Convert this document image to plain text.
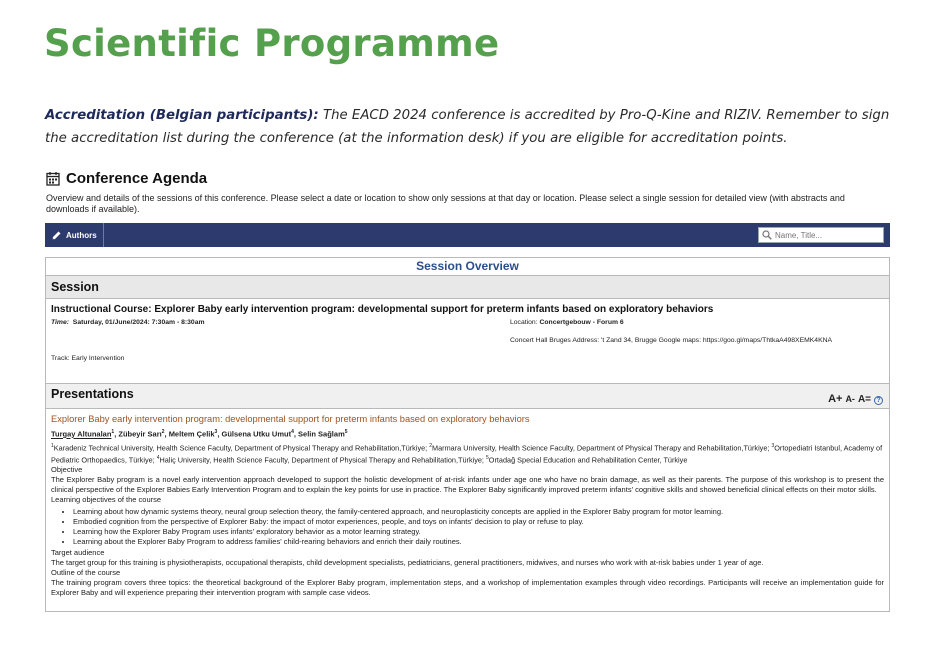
Scientific Programme
Accreditation (Belgian participants): The EACD 2024 conference is accredited by Pro-Q-Kine and RIZIV. Remember to sign the accreditation list during the conference (at the information desk) if you are eligible for accreditation points.
Conference Agenda
Overview and details of the sessions of this conference. Please select a date or location to show only sessions at that day or location. Please select a single session for detailed view (with abstracts and downloads if available).
Authors
Name, Title...
Session Overview
Session
Instructional Course: Explorer Baby early intervention program: developmental support for preterm infants based on exploratory behaviors
Time: Saturday, 01/June/2024: 7:30am - 8:30am	Location: Concertgebouw - Forum 6
Concert Hall Bruges Address: 't Zand 34, Brugge Google maps: https://goo.gl/maps/ThtkaA498XEMK4KNA
Track: Early Intervention
Presentations	A+ A- A= ?
Explorer Baby early intervention program: developmental support for preterm infants based on exploratory behaviors
Turgay Altunalan$^1$, Zübeyir Sarı$^2$, Meltem Çelik$^3$, Gülsena Utku Umut$^4$, Selin Sağlam$^5$
$^1$Karadeniz Technical University, Health Science Faculty, Department of Physical Therapy and Rehabilitation,Türkiye; $^2$Marmara University, Health Science Faculty, Department of Physical Therapy and Rehabilitation,Türkiye; $^3$Ortopediatri Istanbul, Academy of Pediatric Orthopaedics, Türkiye; $^4$Haliç University, Health Science Faculty, Department of Physical Therapy and Rehabilitation,Türkiye; $^5$Ortadağ Special Education and Rehabilitation Center, Türkiye
Objective
The Explorer Baby program is a novel early intervention approach developed to support the holistic development of at-risk infants under age one who have no brain damage, as well as their parents. The purpose of this workshop is to present the clinical perspective of the Explorer Babies Early Intervention Program and to explain the key points for use in practice. The Explorer Baby significantly improved preterm infants' cognitive skills and showed beneficial clinical effects on their motor skills.
Learning objectives of the course
• Learning about how dynamic systems theory, neural group selection theory, the family-centered approach, and neuroplasticity concepts are applied in the Explorer Baby program for motor learning.
• Embodied cognition from the perspective of Explorer Baby: the impact of motor experiences, people, and toys on infants' decision to play or refuse to play.
• Learning how the Explorer Baby Program uses infants' exploratory behavior as a motor learning strategy.
• Learning about the Explorer Baby Program to address families' child-rearing behaviors and enrich their daily routines.
Target audience
The target group for this training is physiotherapists, occupational therapists, child development specialists, pediatricians, general practitioners, midwives, and nurses who work with at-risk babies under 1 year of age.
Outline of the course
The training program covers three topics: the theoretical background of the Explorer Baby program, implementation steps, and a workshop of implementation examples through video recordings. Participants will receive an implementation guide for Explorer Baby and will experience preparing their intervention program with sample case videos.
